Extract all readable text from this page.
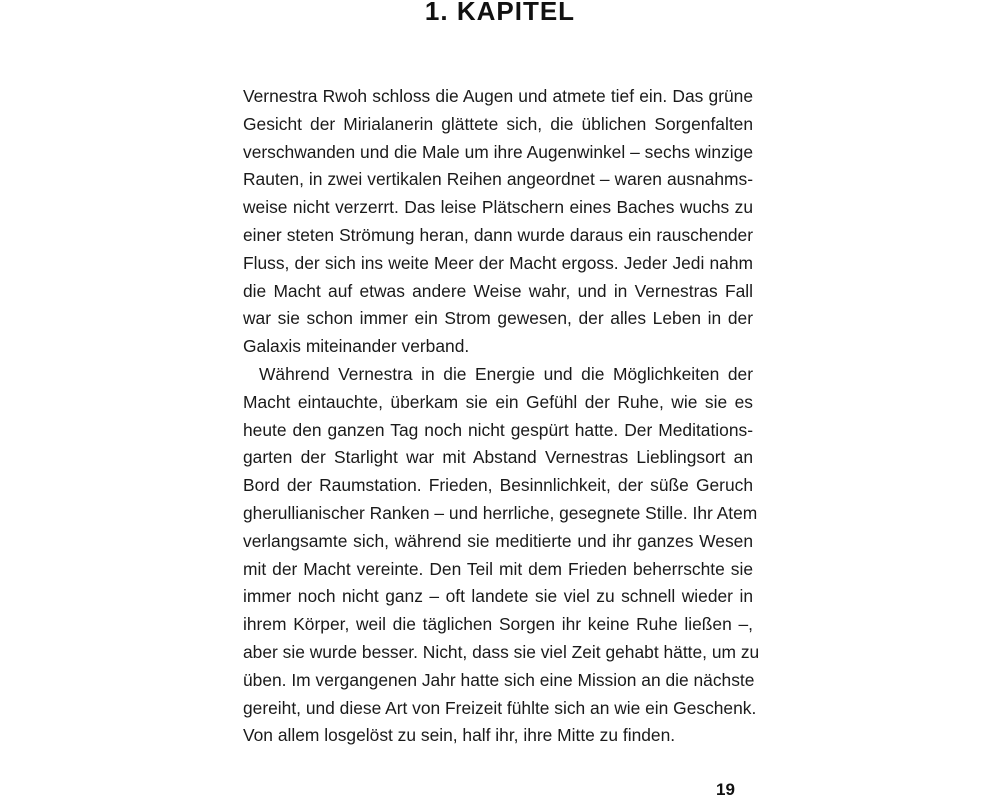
1. KAPITEL
Vernestra Rwoh schloss die Augen und atmete tief ein. Das grüne
Gesicht der Mirialanerin glättete sich, die üblichen Sorgenfalten
verschwanden und die Male um ihre Augenwinkel – sechs winzige
Rauten, in zwei vertikalen Reihen angeordnet – waren ausnahms-
weise nicht verzerrt. Das leise Plätschern eines Baches wuchs zu
einer steten Strömung heran, dann wurde daraus ein rauschender
Fluss, der sich ins weite Meer der Macht ergoss. Jeder Jedi nahm
die Macht auf etwas andere Weise wahr, und in Vernestras Fall
war sie schon immer ein Strom gewesen, der alles Leben in der
Galaxis miteinander verband.
Während Vernestra in die Energie und die Möglichkeiten der
Macht eintauchte, überkam sie ein Gefühl der Ruhe, wie sie es
heute den ganzen Tag noch nicht gespürt hatte. Der Meditations-
garten der Starlight war mit Abstand Vernestras Lieblingsort an
Bord der Raumstation. Frieden, Besinnlichkeit, der süße Geruch
gherullianischer Ranken – und herrliche, gesegnete Stille. Ihr Atem
verlangsamte sich, während sie meditierte und ihr ganzes Wesen
mit der Macht vereinte. Den Teil mit dem Frieden beherrschte sie
immer noch nicht ganz – oft landete sie viel zu schnell wieder in
ihrem Körper, weil die täglichen Sorgen ihr keine Ruhe ließen –,
aber sie wurde besser. Nicht, dass sie viel Zeit gehabt hätte, um zu
üben. Im vergangenen Jahr hatte sich eine Mission an die nächste
gereiht, und diese Art von Freizeit fühlte sich an wie ein Geschenk.
Von allem losgelöst zu sein, half ihr, ihre Mitte zu finden.
19
